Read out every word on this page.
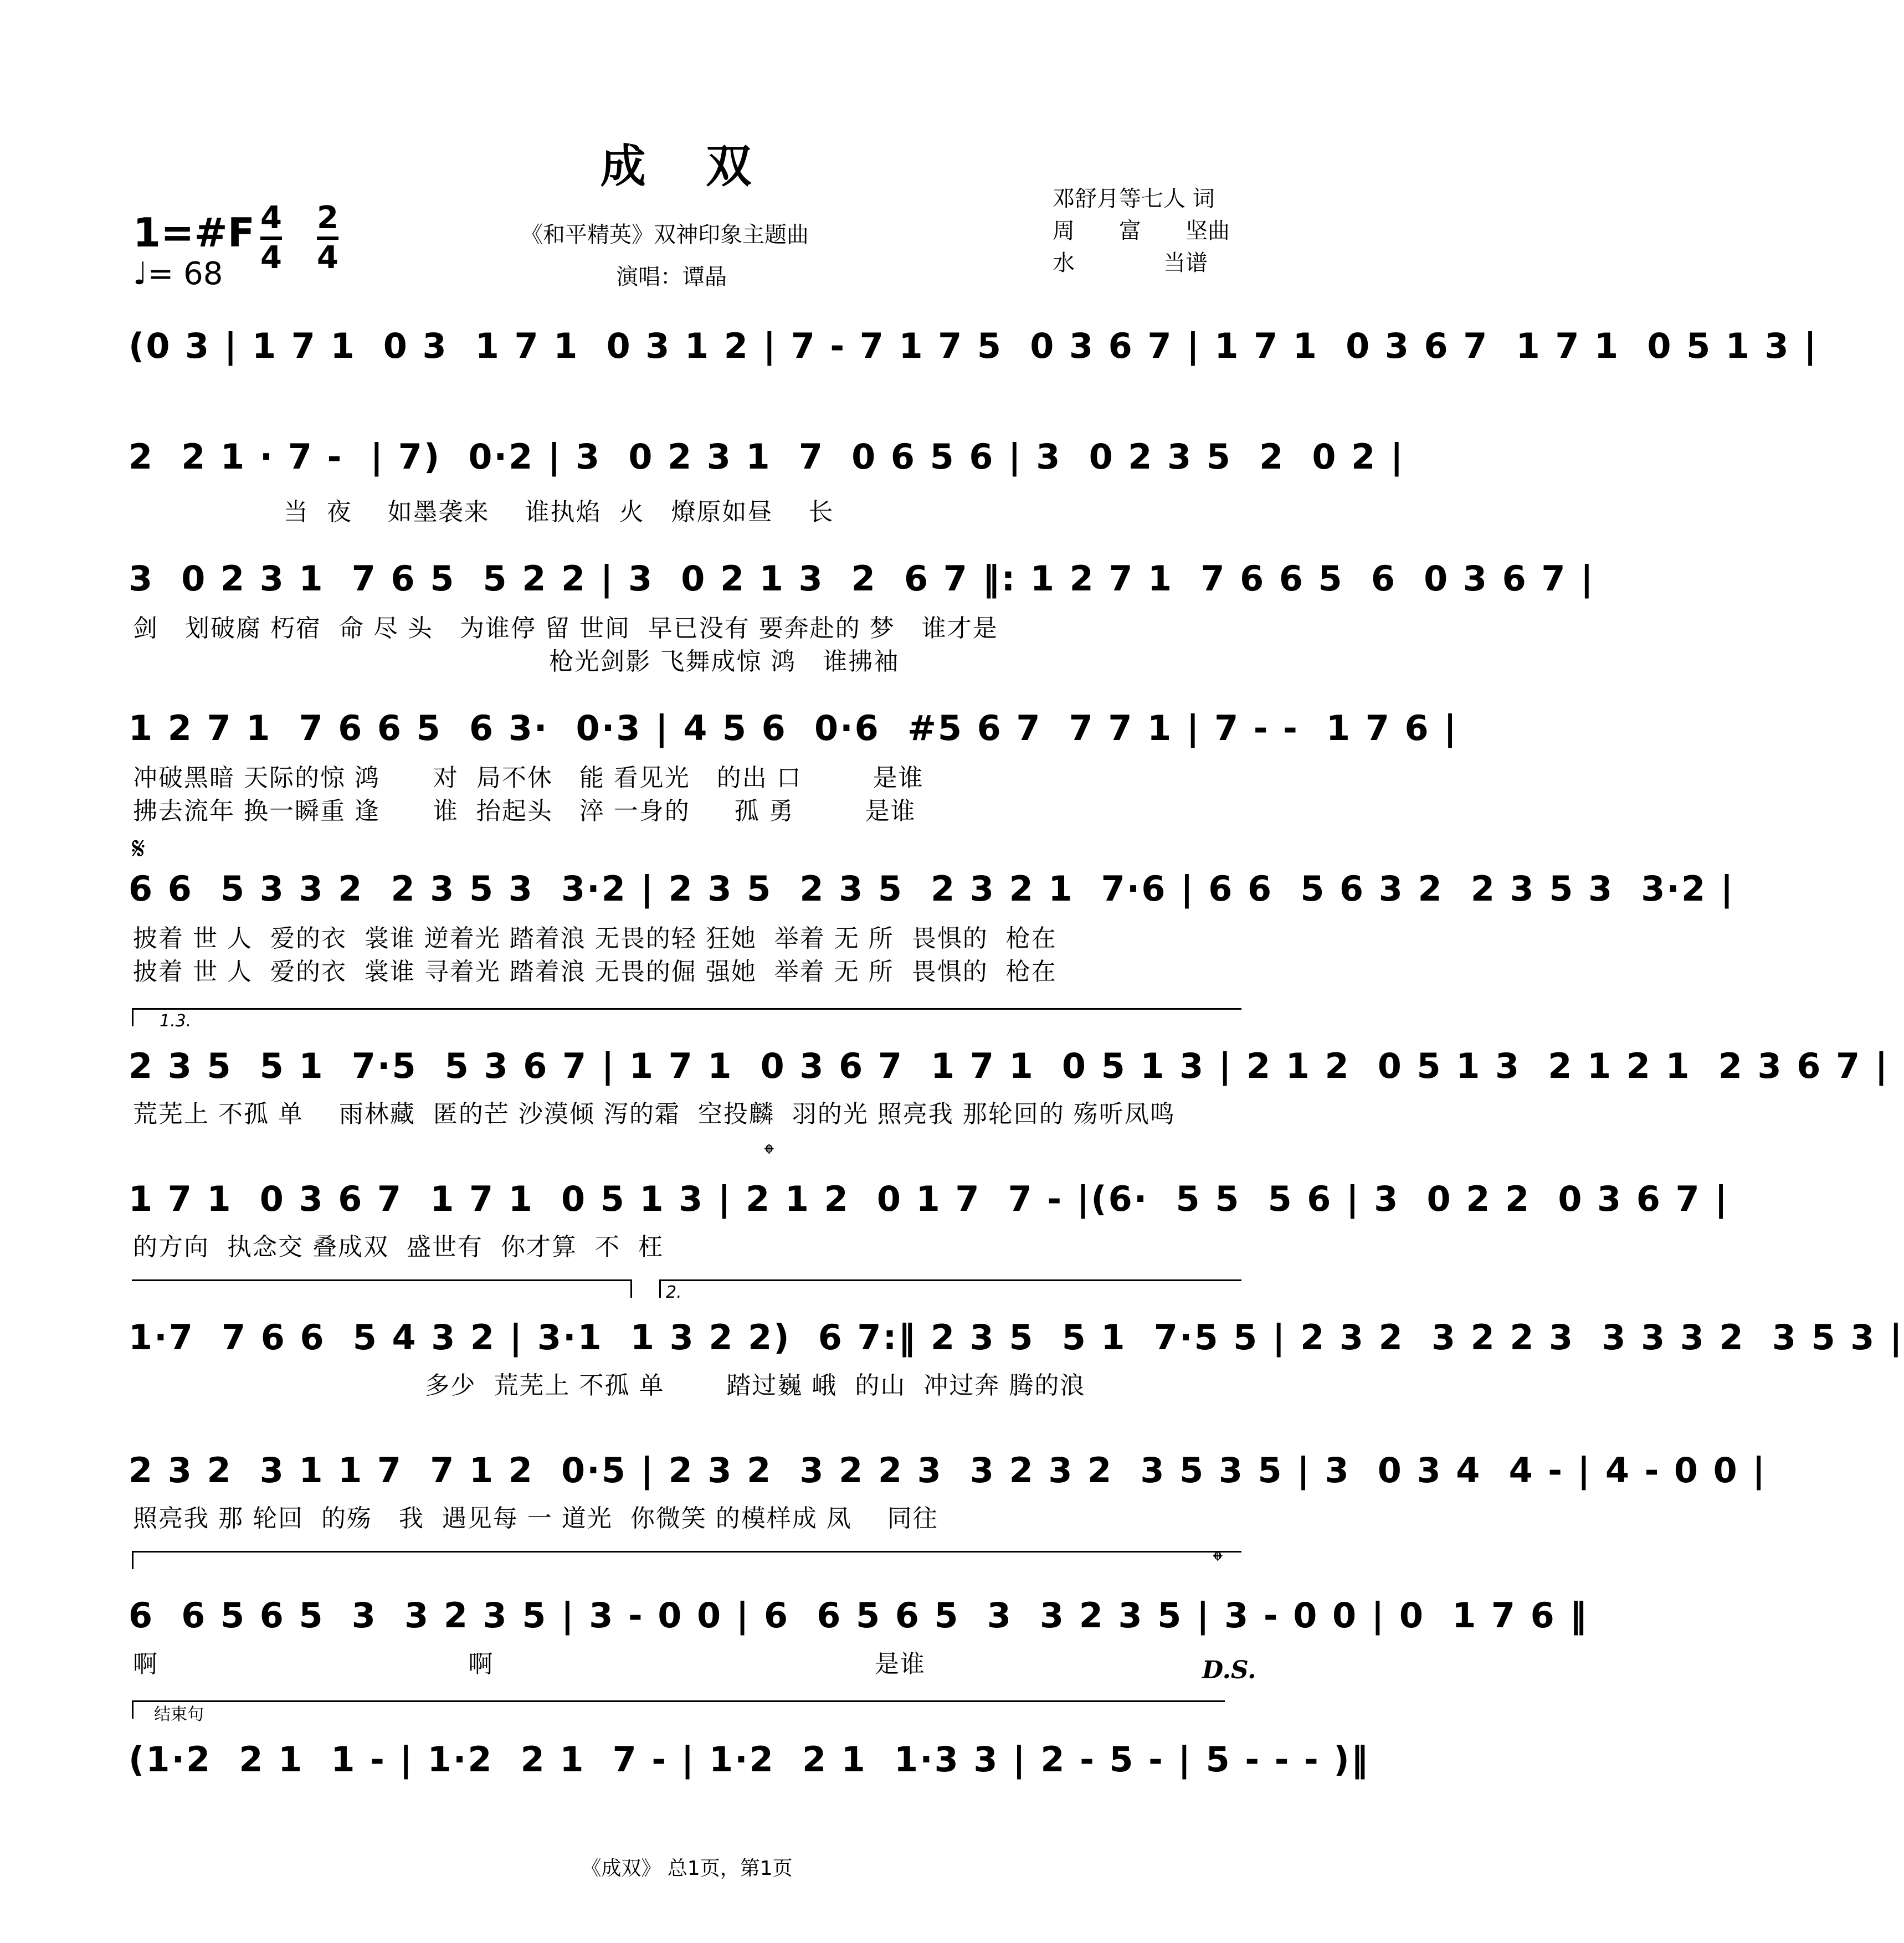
成 双
1=#F 4
4
2
4
♩= 68
《和平精英》双神印象主题曲
演唱：谭晶
邓舒月等七人 词
周　　富　　坚曲
水　　　　当谱
(0 3 | 1 7 1  0 3  1 7 1  0 3 1 2 | 7 - 7 1 7 5  0 3 6 7 | 1 7 1  0 3 6 7  1 7 1  0 5 1 3 |
2  2 1 · 7 -  | 7)  0·2 | 3  0 2 3 1  7  0 6 5 6 | 3  0 2 3 5  2  0 2 |
当  夜    如墨袭来    谁执焰  火   燎原如昼    长
3  0 2 3 1  7 6 5  5 2 2 | 3  0 2 1 3  2  6 7 ‖: 1 2 7 1  7 6 6 5  6  0 3 6 7 |
剑   划破腐 朽宿  命 尽 头   为谁停 留 世间  早已没有 要奔赴的 梦   谁才是
枪光剑影 飞舞成惊 鸿   谁拂袖
1 2 7 1  7 6 6 5  6 3·  0·3 | 4 5 6  0·6  #5 6 7  7 7 1 | 7 - -  1 7 6 |
冲破黑暗 天际的惊 鸿      对  局不休   能 看见光   的出 口        是谁
拂去流年 换一瞬重 逢      谁  抬起头   淬 一身的     孤 勇        是谁
𝄋
6 6  5 3 3 2  2 3 5 3  3·2 | 2 3 5  2 3 5  2 3 2 1  7·6 | 6 6  5 6 3 2  2 3 5 3  3·2 |
披着 世 人  爱的衣  裳谁 逆着光 踏着浪 无畏的轻 狂她  举着 无 所  畏惧的  枪在
披着 世 人  爱的衣  裳谁 寻着光 踏着浪 无畏的倔 强她  举着 无 所  畏惧的  枪在
1.3.
2 3 5  5 1  7·5  5 3 6 7 | 1 7 1  0 3 6 7  1 7 1  0 5 1 3 | 2 1 2  0 5 1 3  2 1 2 1  2 3 6 7 |
荒芜上 不孤 单    雨林藏  匿的芒 沙漠倾 泻的霜  空投麟  羽的光 照亮我 那轮回的 殇听凤鸣
𝄌
1 7 1  0 3 6 7  1 7 1  0 5 1 3 | 2 1 2  0 1 7  7 - |(6·  5 5  5 6 | 3  0 2 2  0 3 6 7 |
的方向  执念交 叠成双  盛世有  你才算  不  枉
2.
1·7  7 6 6  5 4 3 2 | 3·1  1 3 2 2)  6 7:‖ 2 3 5  5 1  7·5 5 | 2 3 2  3 2 2 3  3 3 3 2  3 5 3 |
多少  荒芜上 不孤 单       踏过巍 峨  的山  冲过奔 腾的浪
2 3 2  3 1 1 7  7 1 2  0·5 | 2 3 2  3 2 2 3  3 2 3 2  3 5 3 5 | 3  0 3 4  4 - | 4 - 0 0 |
照亮我 那 轮回  的殇   我  遇见每 一 道光  你微笑 的模样成 凤    同往
𝄌
6  6 5 6 5  3  3 2 3 5 | 3 - 0 0 | 6  6 5 6 5  3  3 2 3 5 | 3 - 0 0 | 0  1 7 6 ‖
啊                                   啊                                           是谁	D.S.
结束句
(1·2  2 1  1 - | 1·2  2 1  7 - | 1·2  2 1  1·3 3 | 2 - 5 - | 5 - - - )‖
《成双》 总1页，第1页
